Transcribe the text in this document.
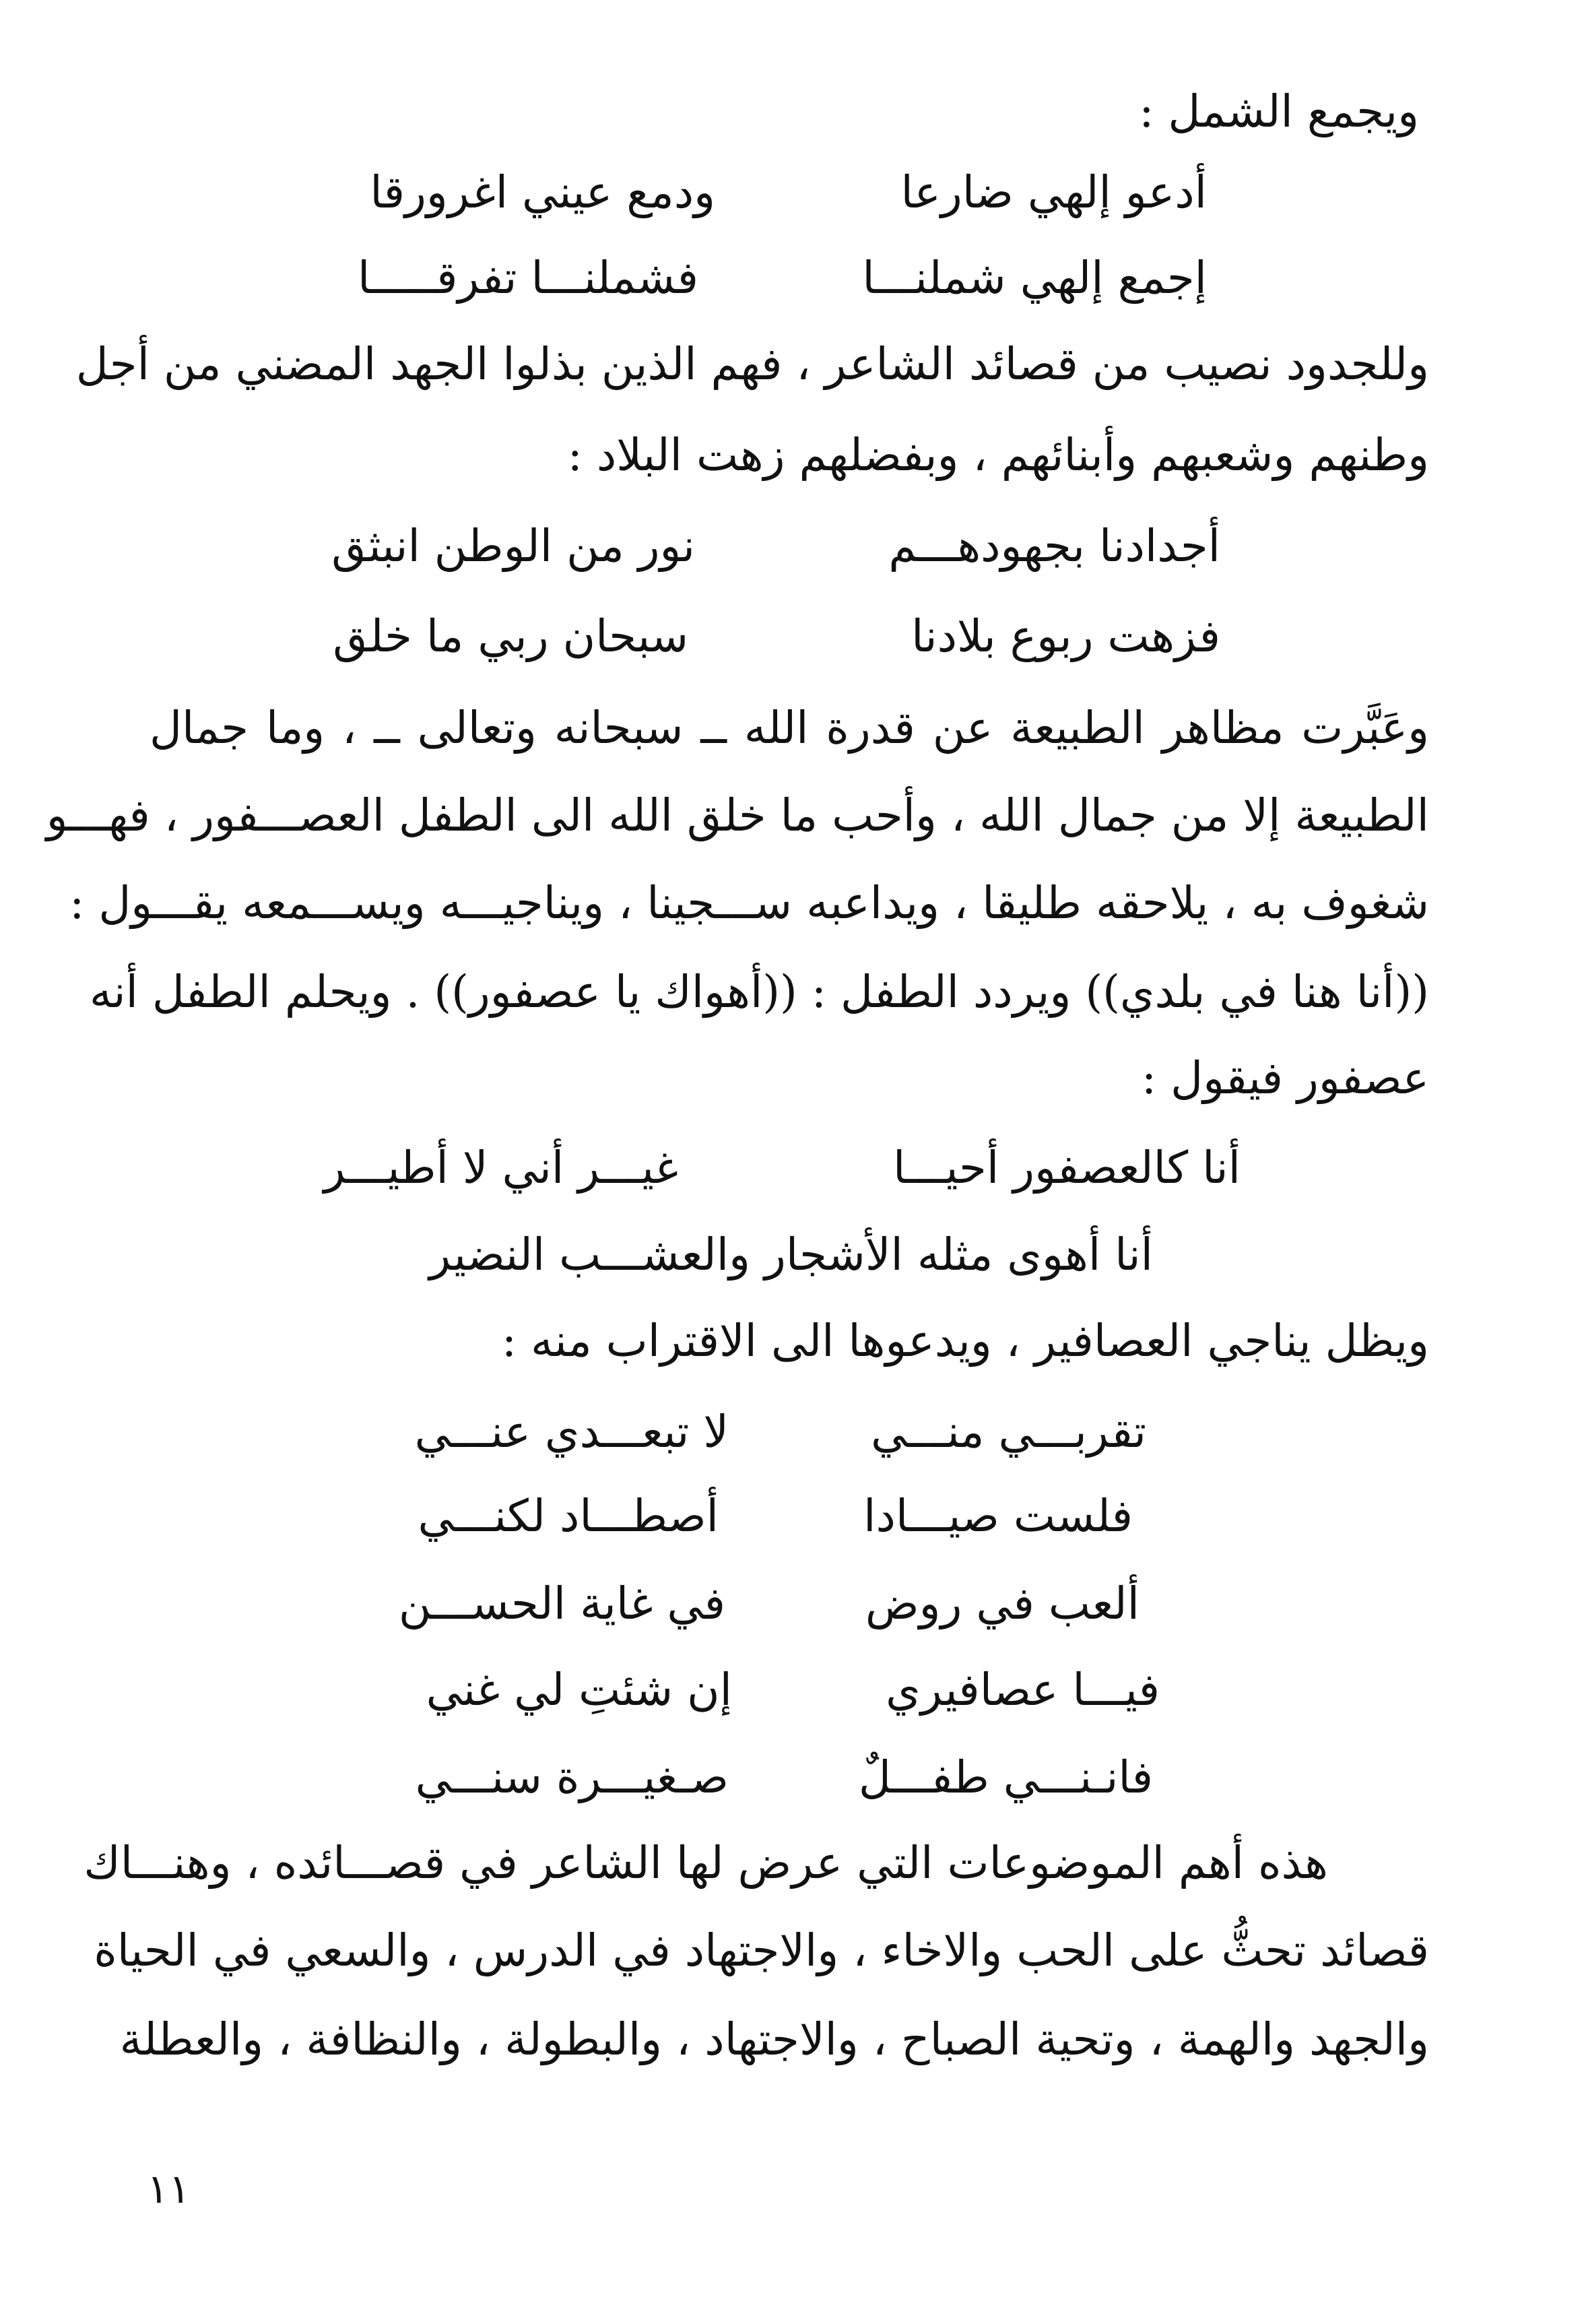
ويجمع الشمل :
أدعو إلهي ضارعا
ودمع عيني اغرورقا
إجمع إلهي شملنـــا
فشملنـــا تفرقـــــا
وللجدود نصيب من قصائد الشاعر ، فهم الذين بذلوا الجهد المضني من أجل
وطنهم وشعبهم وأبنائهم ، وبفضلهم زهت البلاد :
أجدادنا بجهودهـــم
نور من الوطن انبثق
فزهت ربوع بلادنا
سبحان ربي ما خلق
وعَبَّرت مظاهر الطبيعة عن قدرة الله ــ سبحانه وتعالى ــ ، وما جمال
الطبيعة إلا من جمال الله ، وأحب ما خلق الله الى الطفل العصـــفور ، فهـــو
شغوف به ، يلاحقه طليقا ، ويداعبه ســـجينا ، ويناجيـــه ويســـمعه يقـــول :
((أنا هنا في بلدي)) ويردد الطفل : ((أهواك يا عصفور)) . ويحلم الطفل أنه
عصفور فيقول :
أنا كالعصفور أحيـــا
غيـــر أني لا أطيـــر
أنا أهوى مثله الأشجار والعشـــب النضير
ويظل يناجي العصافير ، ويدعوها الى الاقتراب منه :
تقربـــي منـــي
لا تبعـــدي عنـــي
فلست صيـــادا
أصطـــاد لكنـــي
ألعب في روض
في غاية الحســـن
فيـــا عصافيري
إن شئتِ لي غني
فانـنـــي طفـــلٌ
صـغيـــرة سنـــي
هذه أهم الموضوعات التي عرض لها الشاعر في قصـــائده ، وهنـــاك
قصائد تحثُّ على الحب والاخاء ، والاجتهاد في الدرس ، والسعي في الحياة
والجهد والهمة ، وتحية الصباح ، والاجتهاد ، والبطولة ، والنظافة ، والعطلة
١١
